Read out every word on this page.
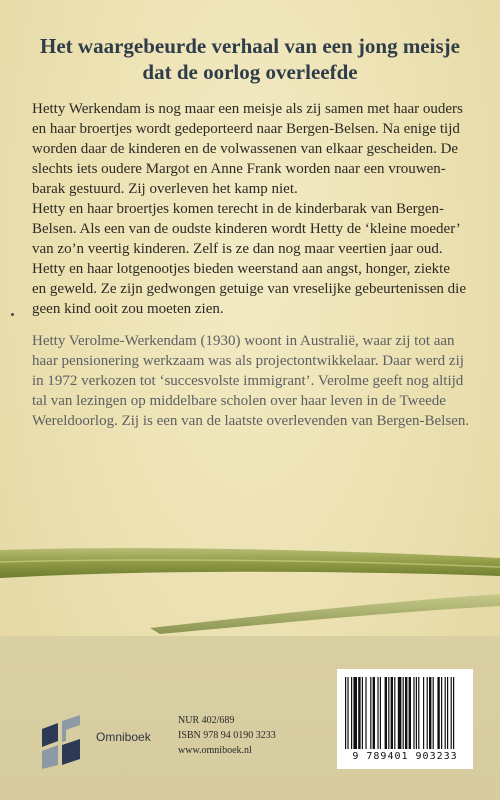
Het waargebeurde verhaal van een jong meisje
dat de oorlog overleefde
Hetty Werkendam is nog maar een meisje als zij samen met haar ouders
en haar broertjes wordt gedeporteerd naar Bergen-Belsen. Na enige tijd
worden daar de kinderen en de volwassenen van elkaar gescheiden. De
slechts iets oudere Margot en Anne Frank worden naar een vrouwen-
barak gestuurd. Zij overleven het kamp niet.
Hetty en haar broertjes komen terecht in de kinderbarak van Bergen-
Belsen. Als een van de oudste kinderen wordt Hetty de ‘kleine moeder’
van zo’n veertig kinderen. Zelf is ze dan nog maar veertien jaar oud.
Hetty en haar lotgenootjes bieden weerstand aan angst, honger, ziekte
en geweld. Ze zijn gedwongen getuige van vreselijke gebeurtenissen die
geen kind ooit zou moeten zien.
Hetty Verolme-Werkendam (1930) woont in Australië, waar zij tot aan
haar pensionering werkzaam was als projectontwikkelaar. Daar werd zij
in 1972 verkozen tot ‘succesvolste immigrant’. Verolme geeft nog altijd
tal van lezingen op middelbare scholen over haar leven in de Tweede
Wereldoorlog. Zij is een van de laatste overlevenden van Bergen-Belsen.
Omniboek
NUR 402/689
ISBN 978 94 0190 3233
www.omniboek.nl
9 789401 903233
